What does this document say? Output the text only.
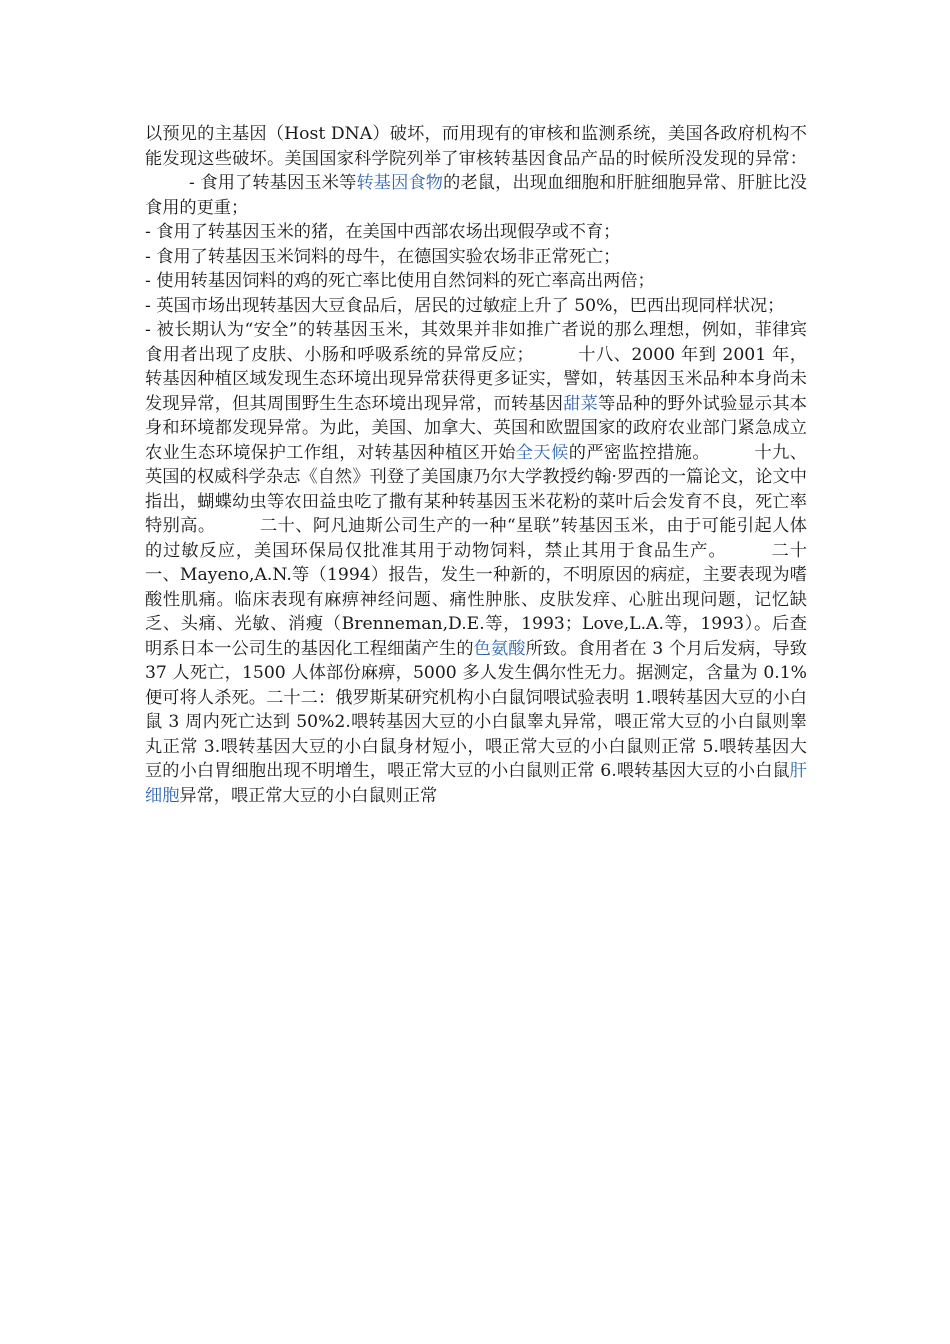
以预见的主基因（Host DNA）破坏，而用现有的审核和监测系统，美国各政府机构不能发现这些破坏。美国国家科学院列举了审核转基因食品产品的时候所没发现的异常：- 食用了转基因玉米等转基因食物的老鼠，出现血细胞和肝脏细胞异常、肝脏比没食用的更重；

- 食用了转基因玉米的猪，在美国中西部农场出现假孕或不育；

- 食用了转基因玉米饲料的母牛，在德国实验农场非正常死亡；

- 使用转基因饲料的鸡的死亡率比使用自然饲料的死亡率高出两倍；

- 英国市场出现转基因大豆食品后，居民的过敏症上升了 50%，巴西出现同样状况；

- 被长期认为“安全”的转基因玉米，其效果并非如推广者说的那么理想，例如，菲律宾食用者出现了皮肤、小肠和呼吸系统的异常反应；	十八、2000 年到 2001 年，转基因种植区域发现生态环境出现异常获得更多证实，譬如，转基因玉米品种本身尚未发现异常，但其周围野生生态环境出现异常，而转基因甜菜等品种的野外试验显示其本身和环境都发现异常。为此，美国、加拿大、英国和欧盟国家的政府农业部门紧急成立农业生态环境保护工作组，对转基因种植区开始全天候的严密监控措施。	十九、英国的权威科学杂志《自然》刊登了美国康乃尔大学教授约翰·罗西的一篇论文，论文中指出，蝴蝶幼虫等农田益虫吃了撒有某种转基因玉米花粉的菜叶后会发育不良，死亡率特别高。	二十、阿凡迪斯公司生产的一种“星联”转基因玉米，由于可能引起人体的过敏反应，美国环保局仅批准其用于动物饲料，禁止其用于食品生产。	二十一、Mayeno,A.N.等（1994）报告，发生一种新的，不明原因的病症，主要表现为嗜酸性肌痛。临床表现有麻痹神经问题、痛性肿胀、皮肤发痒、心脏出现问题，记忆缺乏、头痛、光敏、消瘦（Brenneman,D.E.等，1993；Love,L.A.等，1993）。后查明系日本一公司生的基因化工程细菌产生的色氨酸所致。食用者在 3 个月后发病，导致 37 人死亡，1500 人体部份麻痹，5000 多人发生偶尔性无力。据测定，含量为 0.1%便可将人杀死。二十二：俄罗斯某研究机构小白鼠饲喂试验表明 1.喂转基因大豆的小白鼠 3 周内死亡达到 50%2.喂转基因大豆的小白鼠睾丸异常，喂正常大豆的小白鼠则睾丸正常 3.喂转基因大豆的小白鼠身材短小，喂正常大豆的小白鼠则正常 5.喂转基因大豆的小白胃细胞出现不明增生，喂正常大豆的小白鼠则正常 6.喂转基因大豆的小白鼠肝细胞异常，喂正常大豆的小白鼠则正常
